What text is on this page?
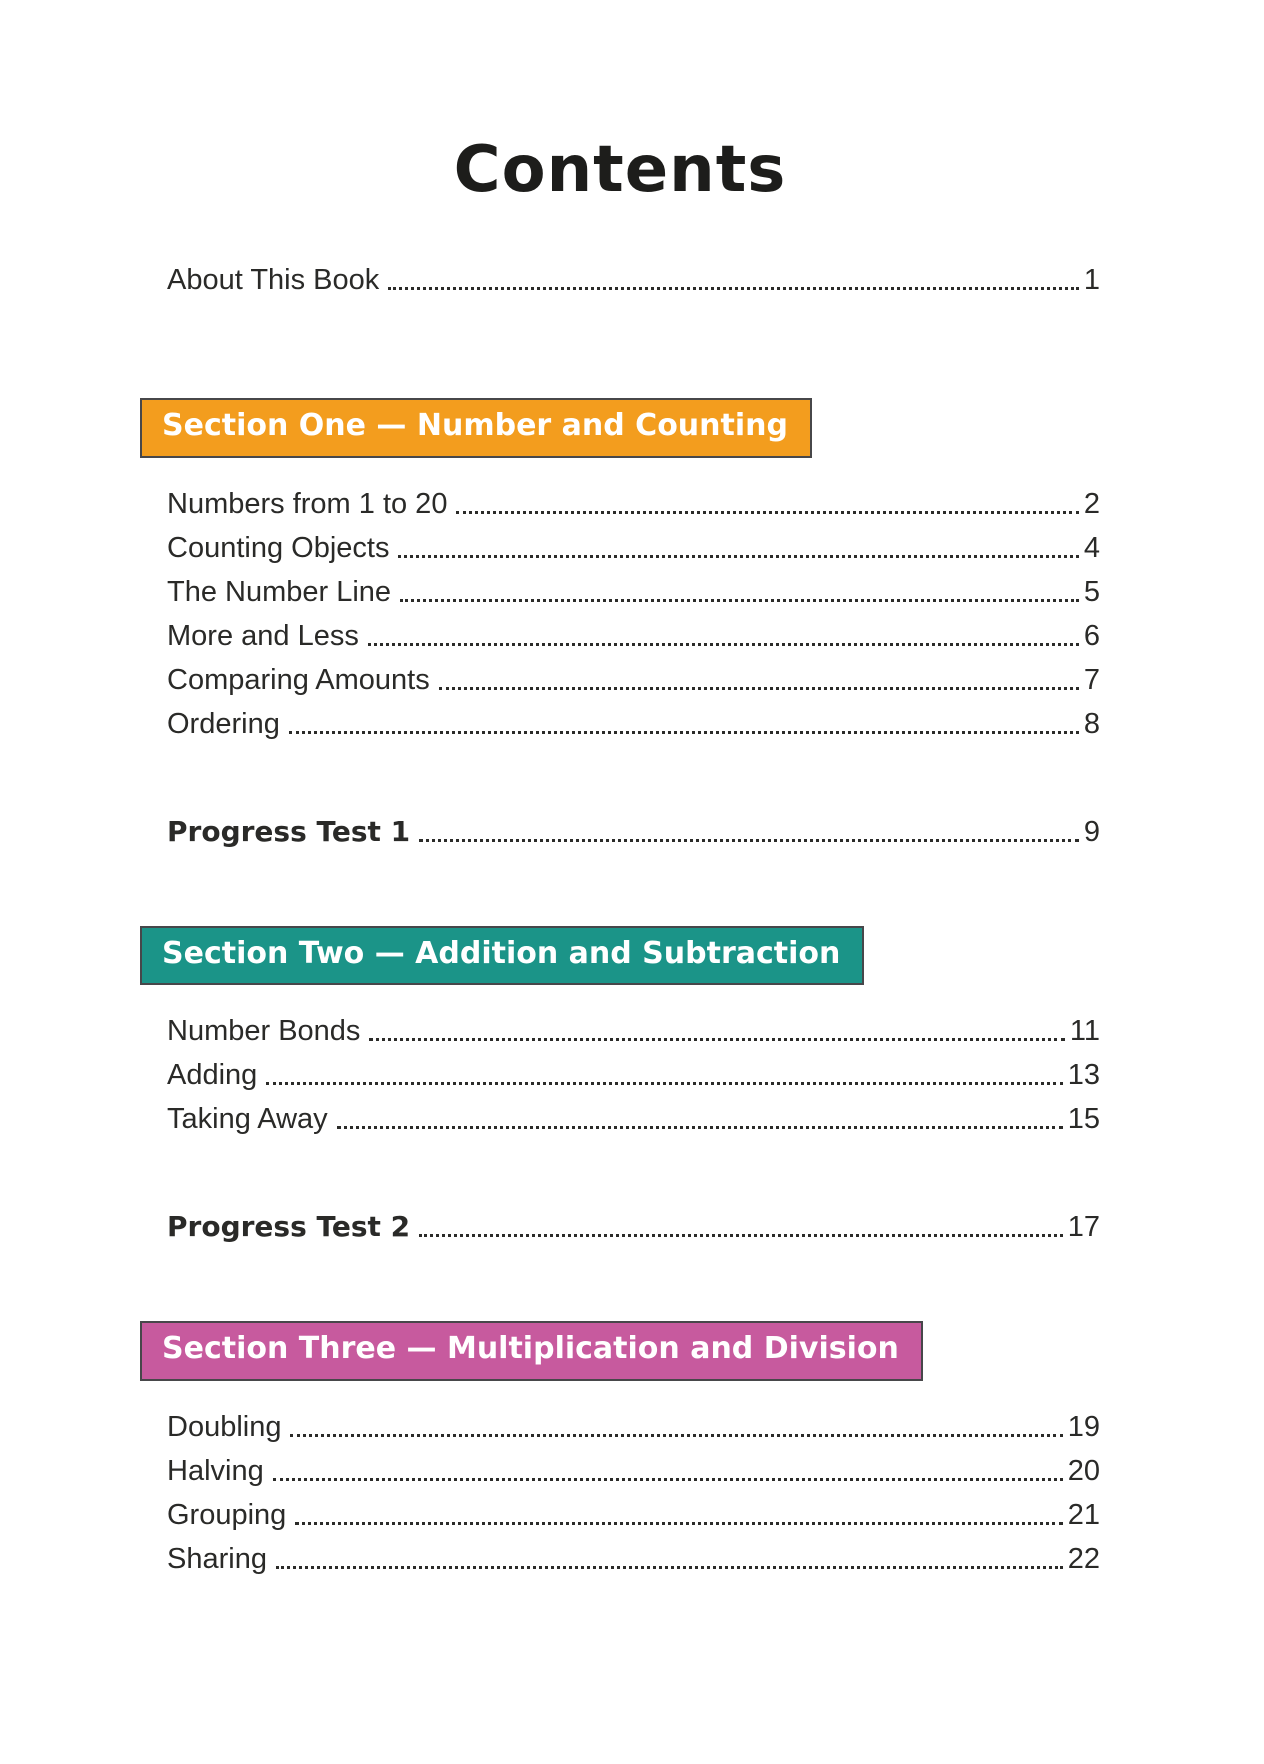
Contents
About This Book	1
Section One — Number and Counting
Numbers from 1 to 20	2
Counting Objects	4
The Number Line	5
More and Less	6
Comparing Amounts	7
Ordering	8
Progress Test 1	9
Section Two — Addition and Subtraction
Number Bonds	11
Adding	13
Taking Away	15
Progress Test 2	17
Section Three — Multiplication and Division
Doubling	19
Halving	20
Grouping	21
Sharing	22
